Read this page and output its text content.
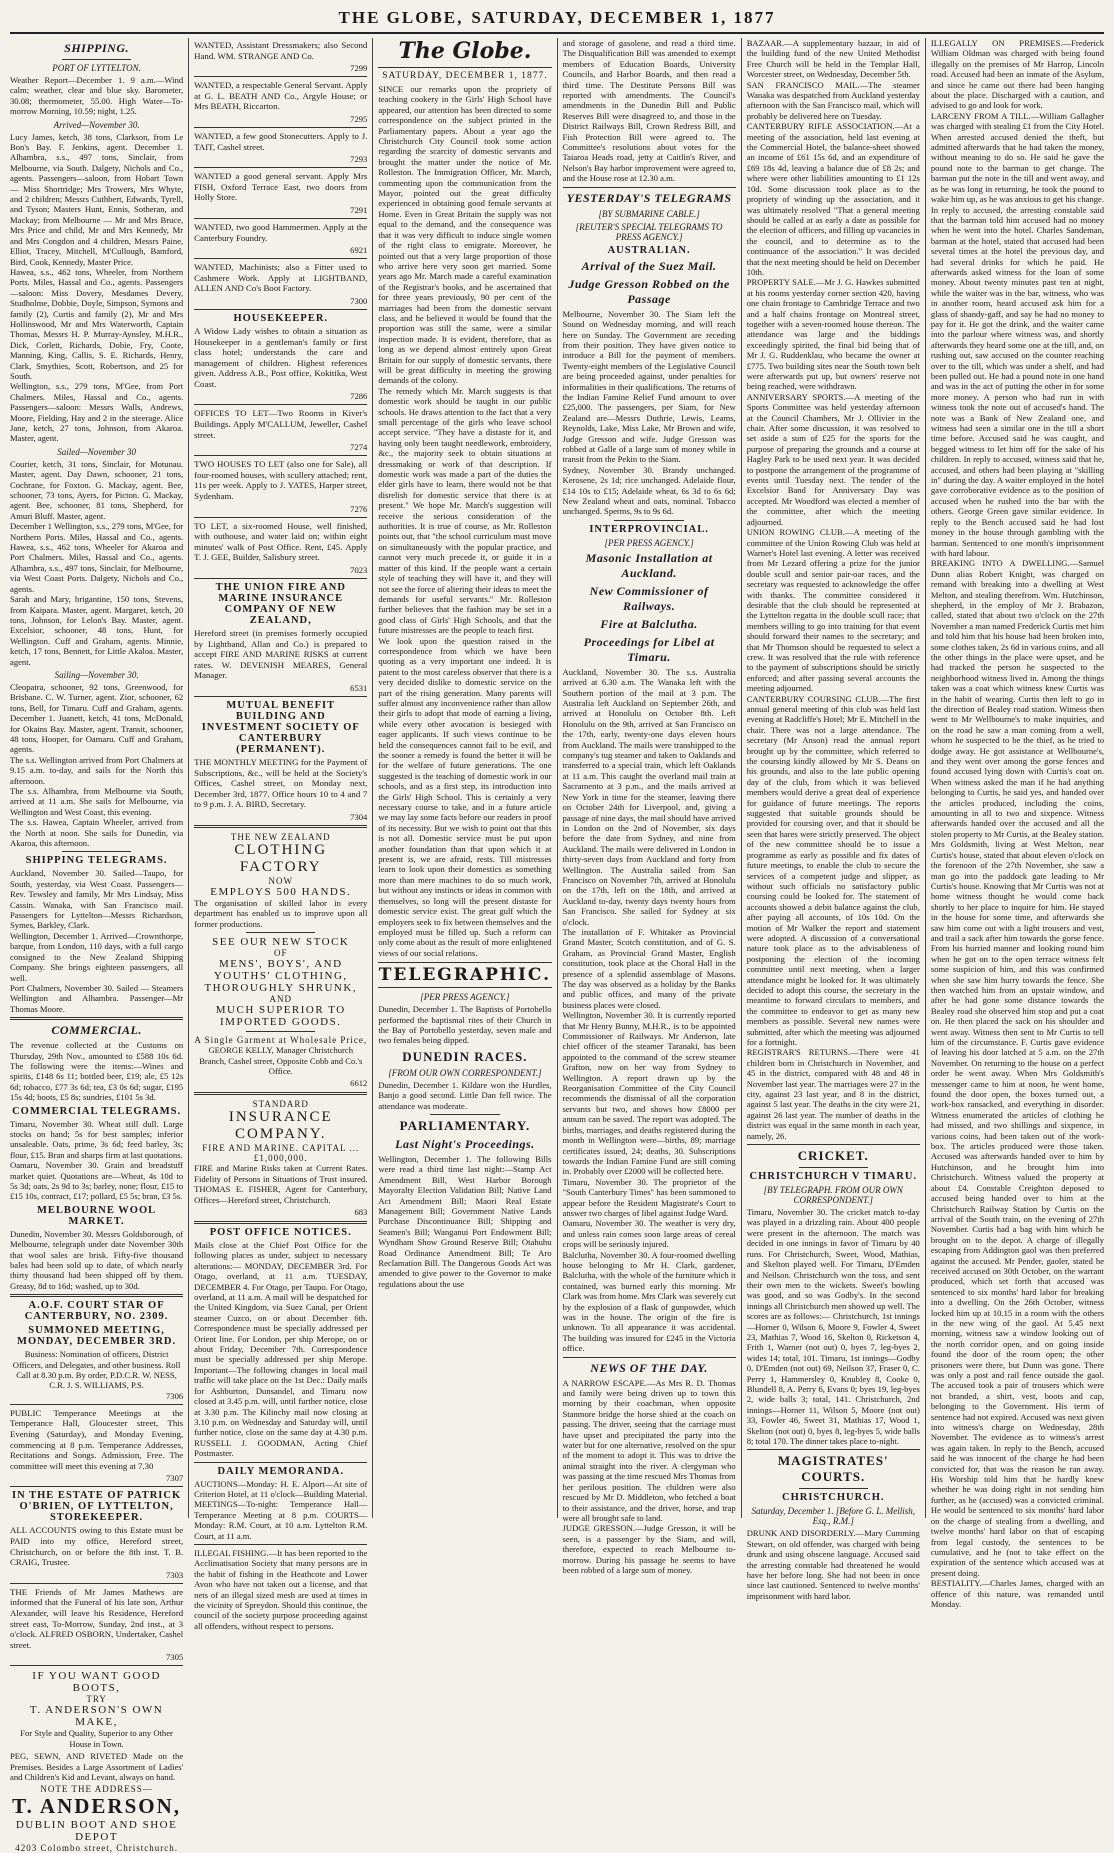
THE GLOBE, SATURDAY, DECEMBER 1, 1877
SHIPPING.
PORT OF LYTTELTON.

Weather Report—December 1. 9 a.m.—Wind calm; weather, clear and blue sky. Barometer, 30.08; thermometer, 55.00. High Water—To-morrow Morning, 10.59; night, 1.25.

Arrived—November 30.

Lucy James, ketch, 38 tons, Clarkson, from Le Bon's Bay. F. Jenkins, agent. December 1. Alhambra, s.s., 497 tons, Sinclair, from Melbourne, via South. Dalgety, Nichols and Co., agents. Passengers—saloon, from Hobart Town — Miss Shortridge; Mrs Trowers, Mrs Whyte, and 2 children; Messrs Cuthbert, Edwards, Tyrell, and Tyson; Masters Hunt, Ennis, Sotheran, and Mackay; from Melbourne — Mr and Mrs Bruce, Mrs Price and child, Mr and Mrs Kennedy, Mr and Mrs Congdon and 4 children, Messrs Paine, Elliot, Tracey, Mitchell, M'Cullough, Bamford, Bird, Cook, Kennedy, Master Price.

Hawea, s.s., 462 tons, Wheeler, from Northern Ports. Miles, Hassal and Co., agents. Passengers—saloon: Miss Dovery, Mesdames Devery, Studholme, Dobbie, Doyle, Simpson, Symons and family (2), Curtis and family (2), Mr and Mrs Hollinswood, Mr and Mrs Waterworth, Captain Thomas, Messrs H. P. Murray-Aynsley, M.H.R., Dick, Corlett, Richards, Dobie, Fry, Coote, Manning, King, Callis, S. E. Richards, Henry, Clark, Smythies, Scott, Robertson, and 25 for South.

Wellington, s.s., 279 tons, M'Gee, from Port Chalmers. Miles, Hassal and Co., agents. Passengers—saloon: Messrs Walls, Andrews, Moore, Fielding, Hay and 2 in the steerage. Alice Jane, ketch, 27 tons, Johnson, from Akaroa. Master, agent.

Sailed—November 30

Courier, ketch, 31 tons, Sinclair, for Motunau. Master, agent. Day Dawn, schooner, 21 tons, Cochrane, for Foxton. G. Mackay, agent. Bee, schooner, 73 tons, Ayers, for Picton. G. Mackay, agent. Bee, schooner, 81 tons, Shepherd, for Amuri Bluff. Master, agent.

December 1 Wellington, s.s., 279 tons, M'Gee, for Northern Ports. Miles, Hassal and Co., agents. Hawea, s.s., 462 tons, Wheeler for Akaroa and Port Chalmers. Miles, Hassal and Co., agents. Alhambra, s.s., 497 tons, Sinclair, for Melbourne, via West Coast Ports. Dalgety, Nichols and Co., agents.

Sarah and Mary, brigantine, 150 tons, Stevens, from Kaipara. Master, agent. Margaret, ketch, 20 tons, Johnson, for Lelon's Bay. Master, agent. Excelsior, schooner, 48 tons, Hunt, for Wellington. Cuff and Graham, agents. Minnie, ketch, 17 tons, Bennett, for Little Akaloa. Master, agent.

Sailing—November 30.

Cleopatra, schooner, 92 tons, Greenwood, for Brisbane. C. W. Turner, agent. Zior, schooner, 62 tons, Bell, for Timaru. Cuff and Graham, agents. December 1. Juanett, ketch, 41 tons, McDonald, for Okains Bay. Master, agent. Transit, schooner, 48 tons, Hooper, for Oamaru. Cuff and Graham, agents.

The s.s. Wellington arrived from Port Chalmers at 9.15 a.m. to-day, and sails for the North this afternoon.

The s.s. Alhambra, from Melbourne via South, arrived at 11 a.m. She sails for Melbourne, via Wellington and West Coast, this evening.

The s.s. Hawea, Captain Wheeler, arrived from the North at noon. She sails for Dunedin, via Akaroa, this afternoon.

SHIPPING TELEGRAMS.

Auckland, November 30. Sailed—Taupo, for South, yesterday, via West Coast. Passengers—Rev. Tewsley and family, Mr Mrs Lindsay, Miss Cassin. Wanaka, with San Francisco mail. Passengers for Lyttelton—Messrs Richardson, Symes, Barkley, Clark.

Wellington, December 1. Arrived—Crownthorpe, barque, from London, 110 days, with a full cargo consigned to the New Zealand Shipping Company. She brings eighteen passengers, all well.

Port Chalmers, November 30. Sailed — Steamers Wellington and Alhambra. Passenger—Mr Thomas Moore.

COMMERCIAL.

The revenue collected at the Customs on Thursday, 29th Nov., amounted to £588 10s 6d. The following were the items:—Wines and spirits, £148 6s 11; bottled beer, £19; ale, £5 12s 6d; tobacco, £77 3s 6d; tea, £3 0s 6d; sugar, £195 15s 4d; boots, £5 8s; sundries, £101 5s 3d.

COMMERCIAL TELEGRAMS.

Timaru, November 30. Wheat still dull. Large stocks on hand; 5s for best samples; inferior unsaleable. Oats, prime, 3s 6d; feed barley, 3s; flour, £15. Bran and sharps firm at last quotations.

Oamaru, November 30. Grain and breadstuff market quiet. Quotations are—Wheat, 4s 10d to 5s 3d; oats, 2s 9d to 3s; barley, none; flour, £15 to £15 10s, contract, £17; pollard, £5 5s; bran, £3 5s.

MELBOURNE WOOL MARKET.

Dunedin, November 30. Messrs Goldsborough, of Melbourne, telegraph under date November 30th that wool sales are brisk. Fifty-five thousand bales had been sold up to date, of which nearly thirty thousand had been shipped off by them. Greasy, 8d to 16d; washed, up to 30d.

A.O.F. COURT STAR OF CANTERBURY, NO. 2309.
SUMMONED MEETING, MONDAY, DECEMBER 3RD.

Business: Nomination of officers, District Officers, and Delegates, and other business. Roll Call at 8.30 p.m. By order, P.D.C.R. W. NESS, C.R. J. S. WILLIAMS, P.S.

7306

PUBLIC Temperance Meetings at the Temperance Hall, Gloucester street, This Evening (Saturday), and Monday Evening, commencing at 8 p.m. Temperance Addresses, Recitations and Songs. Admission, Free. The committee will meet this evening at 7.30

7307
IN THE ESTATE OF PATRICK O'BRIEN, OF LYTTELTON, STOREKEEPER.

ALL ACCOUNTS owing to this Estate must be PAID into my office, Hereford street, Christchurch, on or before the 8th inst. T. B. CRAIG, Trustee.

7303

THE Friends of Mr James Mathews are informed that the Funeral of his late son, Arthur Alexander, will leave his Residence, Hereford street east, To-Morrow, Sunday, 2nd inst., at 3 o'clock. ALFRED OSBORN, Undertaker, Cashel street.

7305
IF YOU WANT GOOD BOOTS,
TRY
T. ANDERSON'S OWN MAKE,
For Style and Quality, Superior to any Other House in Town.
PEG, SEWN, AND RIVETED Made on the Premises. Besides a Large Assortment of Ladies' and Children's Kid and Levant, always on hand.
NOTE THE ADDRESS—
T. ANDERSON,
DUBLIN BOOT AND SHOE DEPOT
4203 Colombo street, Christchurch.

WANTED, Assistant Dressmakers; also Second Hand. WM. STRANGE AND Co.

7299

WANTED, a respectable General Servant. Apply at G. L. BEATH AND Co., Argyle House; or Mrs BEATH, Riccarton.

7295

WANTED, a few good Stonecutters. Apply to J. TAIT, Cashel street.

7293

WANTED a good general servant. Apply Mrs FISH, Oxford Terrace East, two doors from Holly Store.

7291

WANTED, two good Hammermen. Apply at the Canterbury Foundry.

6921

WANTED, Machinists; also a Fitter used to Cashmere Work. Apply at LIGHTBAND, ALLEN AND Co's Boot Factory.

7300
HOUSEKEEPER.

A Widow Lady wishes to obtain a situation as Housekeeper in a gentleman's family or first class hotel; understands the care and management of children. Highest references given. Address A.B., Post office, Kokitika, West Coast.

7286

OFFICES TO LET—Two Rooms in Kiver's Buildings. Apply M'CALLUM, Jeweller, Cashel street.

7274

TWO HOUSES TO LET (also one for Sale), all four-roomed houses, with scullery attached; rent, 11s per week. Apply to J. YATES, Harper street, Sydenham.

7276

TO LET, a six-roomed House, well finished, with outhouse, and water laid on; within eight minutes' walk of Post Office. Rent, £45. Apply T. J. GEE, Builder, Salisbury street.

7023
THE UNION FIRE AND MARINE INSURANCE COMPANY OF NEW ZEALAND,

Hereford street (in premises formerly occupied by Lightband, Allan and Co.) is prepared to accept FIRE AND MARINE RISKS at current rates. W. DEVENISH MEARES, General Manager.

6531
MUTUAL BENEFIT BUILDING AND INVESTMENT SOCIETY OF CANTERBURY (PERMANENT).

THE MONTHLY MEETING for the Payment of Subscriptions, &c., will be held at the Society's Offices, Cashel street, on Monday next, December 3rd, 1877. Office hours 10 to 4 and 7 to 9 p.m. J. A. BIRD, Secretary.

7304
THE NEW ZEALAND
CLOTHING FACTORY
NOW
EMPLOYS 500 HANDS.
The organisation of skilled labor in every department has enabled us to improve upon all former productions.
SEE OUR NEW STOCK
OF
MENS', BOYS', AND YOUTHS' CLOTHING,
THOROUGHLY SHRUNK,
AND
MUCH SUPERIOR TO
IMPORTED GOODS.
A Single Garment at Wholesale Price,
GEORGE KELLY, Manager Christchurch Branch, Cashel street, Opposite Cobb and Co.'s Office.
6612
STANDARD
INSURANCE COMPANY.
FIRE AND MARINE. CAPITAL ... £1,000,000.
FIRE and Marine Risks taken at Current Rates. Fidelity of Persons in Situations of Trust insured. THOMAS E. FISHER, Agent for Canterbury, Offices—Hereford street, Christchurch.
683
POST OFFICE NOTICES.

Mails close at the Chief Post Office for the following places as under, subject to necessary alterations:— MONDAY, DECEMBER 3rd. For Otago, overland, at 11 a.m. TUESDAY, DECEMBER 4. For Otago, per Taupo. For Otago, overland, at 11 a.m. A mail will be despatched for the United Kingdom, via Suez Canal, per Orient steamer Cuzco, on or about December 6th. Correspondence must be specially addressed per Orient line. For London, per ship Merope, on or about Friday, December 7th. Correspondence must be specially addressed per ship Merope. Important—The following changes in local mail traffic will take place on the 1st Dec.: Daily mails for Ashburton, Dunsandel, and Timaru now closed at 3.45 p.m. will, until further notice, close at 3.30 p.m. The Kilinchy mail now closing at 3.10 p.m. on Wednesday and Saturday will, until further notice, close on the same day at 4.30 p.m. RUSSELL J. GOODMAN, Acting Chief Postmaster.

DAILY MEMORANDA.

AUCTIONS—Monday: H. E. Alport—At site of Criterion Hotel, at 11 o'clock—Building Material. MEETINGS—To-night: Temperance Hall—Temperance Meeting at 8 p.m. COURTS—Monday: R.M. Court, at 10 a.m. Lyttelton R.M. Court, at 11 a.m.

ILLEGAL FISHING.—It has been reported to the Acclimatisation Society that many persons are in the habit of fishing in the Heathcote and Lower Avon who have not taken out a license, and that nets of an illegal sized mesh are used at times in the vicinity of Spreydon. Should this continue, the council of the society purpose proceeding against all offenders, without respect to persons.

The Globe.
SATURDAY, DECEMBER 1, 1877.

SINCE our remarks upon the propriety of teaching cookery in the Girls' High School have appeared, our attention has been directed to some correspondence on the subject printed in the Parliamentary papers. About a year ago the Christchurch City Council took some action regarding the scarcity of domestic servants and brought the matter under the notice of Mr. Rolleston. The Immigration Officer, Mr. March, commenting upon the communication from the Mayor, pointed out the great difficulty experienced in obtaining good female servants at Home. Even in Great Britain the supply was not equal to the demand, and the consequence was that it was very difficult to induce single women of the right class to emigrate. Moreover, he pointed out that a very large proportion of those who arrive here very soon get married. Some years ago Mr. March made a careful examination of the Registrar's books, and he ascertained that for three years previously, 90 per cent of the marriages had been from the domestic servant class, and he believed it would be found that the proportion was still the same, were a similar inspection made. It is evident, therefore, that as long as we depend almost entirely upon Great Britain for our supply of domestic servants, there will be great difficulty in meeting the growing demands of the colony.

The remedy which Mr. March suggests is that domestic work should be taught in our public schools. He draws attention to the fact that a very small percentage of the girls who leave school accept service. "They have a distaste for it, and having only been taught needlework, embroidery, &c., the majority seek to obtain situations at dressmaking or work of that description. If domestic work was made a part of the duties the elder girls have to learn, there would not be that disrelish for domestic service that there is at present." We hope Mr. March's suggestion will receive the serious consideration of the authorities. It is true of course, as Mr. Rolleston points out, that "the school curriculum must move on simultaneously with the popular practice, and cannot very much precede it, or guide it in a matter of this kind. If the people want a certain style of teaching they will have it, and they will not see the force of altering their ideas to meet the demands for useful servants." Mr. Rolleston further believes that the fashion may be set in a good class of Girls' High Schools, and that the future mistresses are the people to teach first.

We look upon the question raised in the correspondence from which we have been quoting as a very important one indeed. It is patent to the most careless observer that there is a very decided dislike to domestic service on the part of the rising generation. Many parents will suffer almost any inconvenience rather than allow their girls to adopt that mode of earning a living, while every other avocation is besieged with eager applicants. If such views continue to be held the consequences cannot fail to be evil, and the sooner a remedy is found the better it will be for the welfare of future generations. The one suggested is the teaching of domestic work in our schools, and as a first step, its introduction into the Girls' High School. This is certainly a very necessary course to take, and in a future article we may lay some facts before our readers in proof of its necessity. But we wish to point out that this is not all. Domestic service must be put upon another foundation than that upon which it at present is, we are afraid, rests. Till mistresses learn to look upon their domestics as something more than mere machines to do so much work, but without any instincts or ideas in common with themselves, so long will the present distaste for domestic service exist. The great gulf which the employers seek to fix between themselves and the employed must be filled up. Such a reform can only come about as the result of more enlightened views of our social relations.

TELEGRAPHIC.
[PER PRESS AGENCY.]

Dunedin, December 1. The Baptists of Portobello performed the baptismal rites of their Church in the Bay of Portobello yesterday, seven male and two females being dipped.

DUNEDIN RACES.
[FROM OUR OWN CORRESPONDENT.]

Dunedin, December 1. Kildare won the Hurdles, Banjo a good second. Little Dan fell twice. The attendance was moderate.

PARLIAMENTARY.
Last Night's Proceedings.

Wellington, December 1. The following Bills were read a third time last night:—Stamp Act Amendment Bill, West Harbor Borough Mayoralty Election Validation Bill; Native Land Act Amendment Bill; Maori Real Estate Management Bill; Government Native Lands Purchase Discontinuance Bill; Shipping and Seamen's Bill; Wanganui Port Endowment Bill; Wyndham Show Ground Reserve Bill; Otahuhu Road Ordinance Amendment Bill; Te Aro Reclamation Bill. The Dangerous Goods Act was amended to give power to the Governor to make regulations about the use

and storage of gasolene, and read a third time. The Disqualification Bill was amended to exempt members of Education Boards, University Councils, and Harbor Boards, and then read a third time. The Destitute Persons Bill was reported with amendments. The Council's amendments in the Dunedin Bill and Public Reserves Bill were disagreed to, and those in the District Railways Bill, Crown Redress Bill, and Fish Protection Bill were agreed to. The Committee's resolutions about votes for the Taiaroa Heads road, jetty at Caitlin's River, and Nelson's Bay harbor improvement were agreed to, and the House rose at 12.30 a.m.

YESTERDAY'S TELEGRAMS
[BY SUBMARINE CABLE.]
[REUTER'S SPECIAL TELEGRAMS TO PRESS AGENCY.]
AUSTRALIAN.
Arrival of the Suez Mail.
Judge Gresson Robbed on the Passage

Melbourne, November 30. The Siam left the Sound on Wednesday morning, and will reach here on Sunday. The Government are receding from their position. They have given notice to introduce a Bill for the payment of members. Twenty-eight members of the Legislative Council are being proceeded against, under penalties for informalities in their qualifications. The returns of the Indian Famine Relief Fund amount to over £25,000. The passengers, per Siam, for New Zealand are—Messrs Duthrie, Lewis, Leams, Reynolds, Lake, Miss Lake, Mr Brown and wife, Judge Gresson and wife. Judge Gresson was robbed at Galle of a large sum of money while in transit from the Pekin to the Siam.

Sydney, November 30. Brandy unchanged. Kerosene, 2s 1d; rice unchanged. Adelaide flour, £14 10s to £15; Adelaide wheat, 6s 3d to 6s 6d; New Zealand wheat and oats, nominal. Tobacco unchanged. Sperms, 9s to 9s 6d.

INTERPROVINCIAL.
[PER PRESS AGENCY.]
Masonic Installation at Auckland.
New Commissioner of Railways.
Fire at Balclutha.
Proceedings for Libel at Timaru.

Auckland, November 30. The s.s. Australia arrived at 6.30 a.m. The Wanaka left with the Southern portion of the mail at 3 p.m. The Australia left Auckland on September 26th, and arrived at Honolulu on October 8th. Left Honolulu on the 9th, arrived at San Francisco on the 17th, early, twenty-one days eleven hours from Auckland. The mails were transhipped to the company's tug steamer and taken to Oaklands and transferred to a special train, which left Oaklands at 11 a.m. This caught the overland mail train at Sacramento at 3 p.m., and the mails arrived at New York in time for the steamer, leaving there on October 24th for Liverpool, and, giving a passage of nine days, the mail should have arrived in London on the 2nd of November, six days before the date from Sydney, and nine from Auckland. The mails were delivered in London in thirty-seven days from Auckland and forty from Wellington. The Australia sailed from San Francisco on November 7th, arrived at Honolulu on the 17th, left on the 18th, and arrived at Auckland to-day, twenty days twenty hours from San Francisco. She sailed for Sydney at six o'clock.

The installation of F. Whitaker as Provincial Grand Master, Scotch constitution, and of G. S. Graham, as Provincial Grand Master, English constitution, took place at the Choral Hall in the presence of a splendid assemblage of Masons. The day was observed as a holiday by the Banks and public offices, and many of the private business places were closed.

Wellington, November 30. It is currently reported that Mr Henry Bunny, M.H.R., is to be appointed Commissioner of Railways. Mr Anderson, late chief officer of the steamer Taranaki, has been appointed to the command of the screw steamer Grafton, now on her way from Sydney to Wellington. A report drawn up by the Reorganisation Committee of the City Council recommends the dismissal of all the corporation servants but two, and shows how £8000 per annum can be saved. The report was adopted. The births, marriages, and deaths registered during the month in Wellington were—births, 89; marriage certificates issued, 24; deaths, 30. Subscriptions towards the Indian Famine Fund are still coming in. Probably over £2000 will be collected here.

Timaru, November 30. The proprietor of the "South Canterbury Times" has been summoned to appear before the Resident Magistrate's Court to answer two charges of libel against Judge Ward.

Oamaru, November 30. The weather is very dry, and unless rain comes soon large areas of cereal crops will be seriously injured.

Balclutha, November 30. A four-roomed dwelling house belonging to Mr H. Clark, gardener, Balclutha, with the whole of the furniture which it contained, was burned early this morning. Mr Clark was from home. Mrs Clark was severely cut by the explosion of a flask of gunpowder, which was in the house. The origin of the fire is unknown. To all appearance it was accidental. The building was insured for £245 in the Victoria office.

NEWS OF THE DAY.

A NARROW ESCAPE.—As Mrs R. D. Thomas and family were being driven up to town this morning by their coachman, when opposite Stanmore bridge the horse shied at the coach on passing. The driver, seeing that the carriage must have upset and precipitated the party into the water but for one alternative, resolved on the spur of the moment to adopt it. This was to drive the animal straight into the river. A clergyman who was passing at the time rescued Mrs Thomas from her perilous position. The children were also rescued by Mr D. Middleton, who fetched a boat to their assistance, and the driver, horse, and trap were all brought safe to land.

JUDGE GRESSON.—Judge Gresson, it will be seen, is a passenger by the Siam, and will, therefore, expected to reach Melbourne to-morrow. During his passage he seems to have been robbed of a large sum of money.

BAZAAR.—A supplementary bazaar, in aid of the building fund of the new United Methodist Free Church will be held in the Templar Hall, Worcester street, on Wednesday, December 5th.

SAN FRANCISCO MAIL.—The steamer Wanaka was despatched from Auckland yesterday afternoon with the San Francisco mail, which will probably be delivered here on Tuesday.

CANTERBURY RIFLE ASSOCIATION.—At a meeting of the association, held last evening at the Commercial Hotel, the balance-sheet showed an income of £61 15s 6d, and an expenditure of £69 18s 4d, leaving a balance due of £8 2s; and where were other liabilities amounting to £1 12s 10d. Some discussion took place as to the propriety of winding up the association, and it was ultimately resolved "That a general meeting should be called at as early a date as possible for the election of officers, and filling up vacancies in the council, and to determine as to the continuance of the association." It was decided that the next meeting should be held on December 10th.

PROPERTY SALE.—Mr J. G. Hawkes submitted at his rooms yesterday corner section 420, having one chain frontage to Cambridge Terrace and two and a half chains frontage on Montreal street, together with a seven-roomed house thereon. The attendance was large and the biddings exceedingly spirited, the final bid being that of Mr J. G. Ruddenklau, who became the owner at £775. Two building sites near the South town belt were afterwards put up, but owners' reserve not being reached, were withdrawn.

ANNIVERSARY SPORTS.—A meeting of the Sports Committee was held yesterday afternoon at the Council Chambers, Mr J. Ollivier in the chair. After some discussion, it was resolved to set aside a sum of £25 for the sports for the purpose of preparing the grounds and a course at Hagley Park to be used next year. It was decided to postpone the arrangement of the programme of events until Tuesday next. The tender of the Excelsior Band for Anniversary Day was accepted. Mr Woodford was elected a member of the committee, after which the meeting adjourned.

UNION ROWING CLUB.—A meeting of the committee of the Union Rowing Club was held at Warner's Hotel last evening. A letter was received from Mr Lezard offering a prize for the junior double scull and senior pair-oar races, and the secretary was requested to acknowledge the offer with thanks. The committee considered it desirable that the club should be represented at the Lyttelton regatta in the double scull race; that members willing to go into training for that event should forward their names to the secretary; and that Mr Thomson should be requested to select a crew. It was resolved that the rule with reference to the payment of subscriptions should be strictly enforced; and after passing several accounts the meeting adjourned.

CANTERBURY COURSING CLUB.—The first annual general meeting of this club was held last evening at Radcliffe's Hotel; Mr E. Mitchell in the chair. There was not a large attendance. The secretary (Mr Anson) read the annual report brought up by the committee, which referred to the coursing kindly allowed by Mr S. Deans on his grounds, and also to the late public opening day of the club, from which it was believed members would derive a great deal of experience for guidance of future meetings. The reports suggested that suitable grounds should be provided for coursing over, and that it should be seen that hares were strictly preserved. The object of the new committee should be to issue a programme as early as possible and fix dates of future meetings, to enable the club to secure the services of a competent judge and slipper, as without such officials no satisfactory public coursing could be looked for. The statement of accounts showed a debit balance against the club, after paying all accounts, of 10s 10d. On the motion of Mr Walker the report and statement were adopted. A discussion of a conversational nature took place as to the advisableness of postponing the election of the incoming committee until next meeting, when a larger attendance might be looked for. It was ultimately decided to adopt this course, the secretary in the meantime to forward circulars to members, and the committee to endeavor to get as many new members as possible. Several new names were submitted, after which the meeting was adjourned for a fortnight.

REGISTRAR'S RETURNS.—There were 41 children born in Christchurch in November, and 45 in the district, compared with 48 and 48 in November last year. The marriages were 27 in the city, against 23 last year, and 8 in the district, against 5 last year. The deaths in the city were 21, against 26 last year. The number of deaths in the district was equal in the same month in each year, namely, 26.

CRICKET.
CHRISTCHURCH V TIMARU.
[BY TELEGRAPH. FROM OUR OWN CORRESPONDENT.]

Timaru, November 30. The cricket match to-day was played in a drizzling rain. About 400 people were present in the afternoon. The match was decided in one innings in favor of Timaru by 40 runs. For Christchurch, Sweet, Wood, Mathias, and Skelton played well. For Timaru, D'Emden and Neilson. Christchurch won the toss, and sent their own men to the wickets. Sweet's bowling was good, and so was Godby's. In the second innings all Christchurch men showed up well. The scores are as follows:— Christchurch, 1st innings—Horner 0, Wilson 6, Moore 9, Fowler 4, Sweet 23, Mathias 7, Wood 16, Skelton 0, Ricketson 4, Frith 1, Warner (not out) 0, byes 7, leg-byes 2, wides 14; total, 101. Timaru, 1st innings—Godby 0, D'Emden (not out) 69, Neilson 37, Fraser 0, C. Perry 1, Hammersley 0, Knubley 8, Cooke 0, Blundell 8, A. Perry 6, Evans 0; byes 19, leg-byes 2, wide balls 3; total, 141. Christchurch, 2nd innings—Horner 11, Wilson 5, Moore (not out) 33, Fowler 46, Sweet 31, Mathias 17, Wood 1, Skelton (not out) 0, byes 8, leg-byes 5, wide balls 8; total 170. The dinner takes place to-night.

MAGISTRATES' COURTS.
CHRISTCHURCH.
Saturday, December 1. [Before G. L. Mellish, Esq., R.M.]

DRUNK AND DISORDERLY.—Mary Cumming Stewart, on old offender, was charged with being drunk and using obscene language. Accused said the arresting constable had threatened he would have her before long. She had not been in once since last cautioned. Sentenced to twelve months' imprisonment with hard labor.

ILLEGALLY ON PREMISES.—Frederick William Oldman was charged with being found illegally on the premises of Mr Harrop, Lincoln road. Accused had been an inmate of the Asylum, and since he came out there had been hanging about the place. Discharged with a caution, and advised to go and look for work.

LARCENY FROM A TILL.—William Gallagher was charged with stealing £1 from the City Hotel. When arrested accused denied the theft, but admitted afterwards that he had taken the money, without meaning to do so. He said he gave the pound note to the barman to get change. The barman put the note in the till and went away, and as he was long in returning, he took the pound to wake him up, as he was anxious to get his change. In reply to accused, the arresting constable said that the barman told him accused had no money when he went into the hotel. Charles Sandeman, barman at the hotel, stated that accused had been several times at the hotel the previous day, and had several drinks for which he paid. He afterwards asked witness for the loan of some money. About twenty minutes past ten at night, while the waiter was in the bar, witness, who was in another room, heard accused ask him for a glass of shandy-gaff, and say he had no money to pay for it. He got the drink, and the waiter came into the parlour where witness was, and shortly afterwards they heard some one at the till, and, on rushing out, saw accused on the counter reaching over to the till, which was under a shelf, and had been pulled out. He had a pound note in one hand and was in the act of putting the other in for some more money. A person who had run in with witness took the note out of accused's hand. The note was a Bank of New Zealand one, and witness had seen a similar one in the till a short time before. Accused said he was caught, and begged witness to let him off for the sake of his children. In reply to accused, witness said that he, accused, and others had been playing at "skilling in" during the day. A waiter employed in the hotel gave corroborative evidence as to the position of accused when he rushed into the bar with the others. George Green gave similar evidence. In reply to the Bench accused said he had lost money in the house through gambling with the barman. Sentenced to one month's imprisonment with hard labour.

BREAKING INTO A DWELLING.—Samuel Dunn alias Robert Knight, was charged on remand with breaking into a dwelling at West Melton, and stealing therefrom. Wm. Hutchinson, shepherd, in the employ of Mr J. Brabazon, called, stated that about two o'clock on the 27th November a man named Frederick Curtis met him and told him that his house had been broken into, some clothes taken, 2s 6d in various coins, and all the other things in the place were upset, and he had tracked the person he suspected to the neighborhood witness lived in. Among the things taken was a coat which witness knew Curtis was in the habit of wearing. Curtis then left to go in the direction of Bealey road station. Witness then went to Mr Wellbourne's to make inquiries, and on the road he saw a man coming from a well, whom he suspected to be the thief, as he tried to dodge away. He got assistance at Wellbourne's, and they went over among the gorse fences and found accused lying down with Curtis's coat on. When witness asked the man if he had anything belonging to Curtis, he said yes, and handed over the articles produced, including the coins, amounting in all to two and sixpence. Witness afterwards handed over the accused and all the stolen property to Mr Curtis, at the Bealey station. Mrs Goldsmith, living at West Melton, near Curtis's house, stated that about eleven o'clock on the forenoon of the 27th November, she saw a man go into the paddock gate leading to Mr Curtis's house. Knowing that Mr Curtis was not at home witness thought he would come back shortly to her place to inquire for him. He stayed in the house for some time, and afterwards she saw him come out with a light trousers and vest, and trail a sack after him towards the gorse fence. From his hurried manner and looking round him when he got on to the open terrace witness felt some suspicion of him, and this was confirmed when she saw him hurry towards the fence. She then watched him from an upstair window, and after he had gone some distance towards the Bealey road she observed him stop and put a coat on. He then placed the sack on his shoulder and went away. Witness then sent to Mr Curtis to tell him of the circumstance. F. Curtis gave evidence of leaving his door latched at 5 a.m. on the 27th November. On returning to the house on a perfect order he went away. When Mrs Goldsmith's messenger came to him at noon, he went home, found the door open, the boxes turned out, a work-box ransacked, and everything in disorder. Witness enumerated the articles of clothing he had missed, and two shillings and sixpence, in various coins, had been taken out of the work-box. The articles produced were those taken. Accused was afterwards handed over to him by Hutchinson, and he brought him into Christchurch. Witness valued the property at about £4. Constable Creighton deposed to accused being handed over to him at the Christchurch Railway Station by Curtis on the arrival of the South train, on the evening of 27th November. Curtis had a bag with him which he brought on to the depot. A charge of illegally escaping from Addington gaol was then preferred against the accused. Mr Pender, gaoler, stated he received accused on 30th October, on the warrant produced, which set forth that accused was sentenced to six months' hard labor for breaking into a dwelling. On the 26th October, witness locked him up at 10.15 in a room with the others in the new wing of the gaol. At 5.45 next morning, witness saw a window looking out of the north corridor open, and on going inside found the door of the room open; the other prisoners were there, but Dunn was gone. There was only a post and rail fence outside the gaol. The accused took a pair of trousers which were not branded, a shirt, vest, boots and cap, belonging to the Government. His term of sentence had not expired. Accused was next given into witness's charge on Wednesday, 28th November. The evidence as to witness's arrest was again taken. In reply to the Bench, accused said he was innocent of the charge he had been convicted for, that was the reason he ran away. His Worship told him that he hardly knew whether he was doing right in not sending him further, as he (accused) was a convicted criminal. He would be sentenced to six months' hard labor on the charge of stealing from a dwelling, and twelve months' hard labor on that of escaping from legal custody, the sentences to be cumulative, and he (not to take effect on the expiration of the sentence which accused was at present doing.

BESTIALITY.—Charles James, charged with an offence of this nature, was remanded until Monday.
